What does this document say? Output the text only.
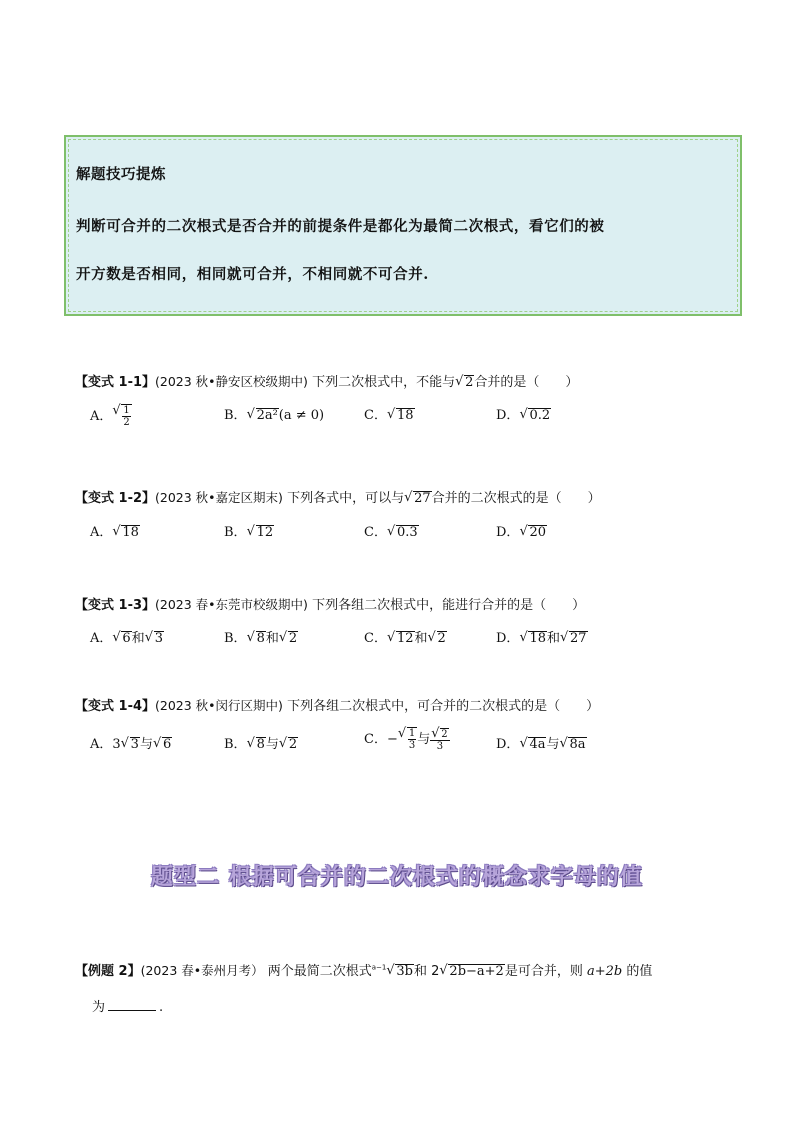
解题技巧提炼
判断可合并的二次根式是否合并的前提条件是都化为最简二次根式，看它们的被
开方数是否相同，相同就可合并，不相同就不可合并.
【变式 1-1】(2023 秋•静安区校级期中) 下列二次根式中，不能与 √ 2合并的是（　　）
A． √ $\frac{1}{2}$	B． √ 2a²(a ≠ 0)	C． √ 18	D． √ 0.2
【变式 1-2】(2023 秋•嘉定区期末) 下列各式中，可以与 √ 27合并的二次根式的是（　　）
A． √ 18	B． √ 12	C． √ 0.3	D． √ 20
【变式 1-3】(2023 春•东莞市校级期中) 下列各组二次根式中，能进行合并的是（　　）
A． √ 6和 √ 3	B． √ 8和 √ 2	C． √ 12和 √ 2	D． √ 18和 √ 27
【变式 1-4】(2023 秋•闵行区期中) 下列各组二次根式中，可合并的二次根式的是（　　）
A．3 √ 3与 √ 6	B． √ 8与 √ 2	C．− √ $\frac{1}{3}$ 与 √ $\frac{2}{3}$	D． √ 4a与 √ 8a
题型二 根据可合并的二次根式的概念求字母的值
【例题 2】(2023 春•泰州月考） 两个最简二次根式$^{a-1}$ √ 3b和 2 √ 2b−a+2是可合并，则 a+2b 的值
为	.
